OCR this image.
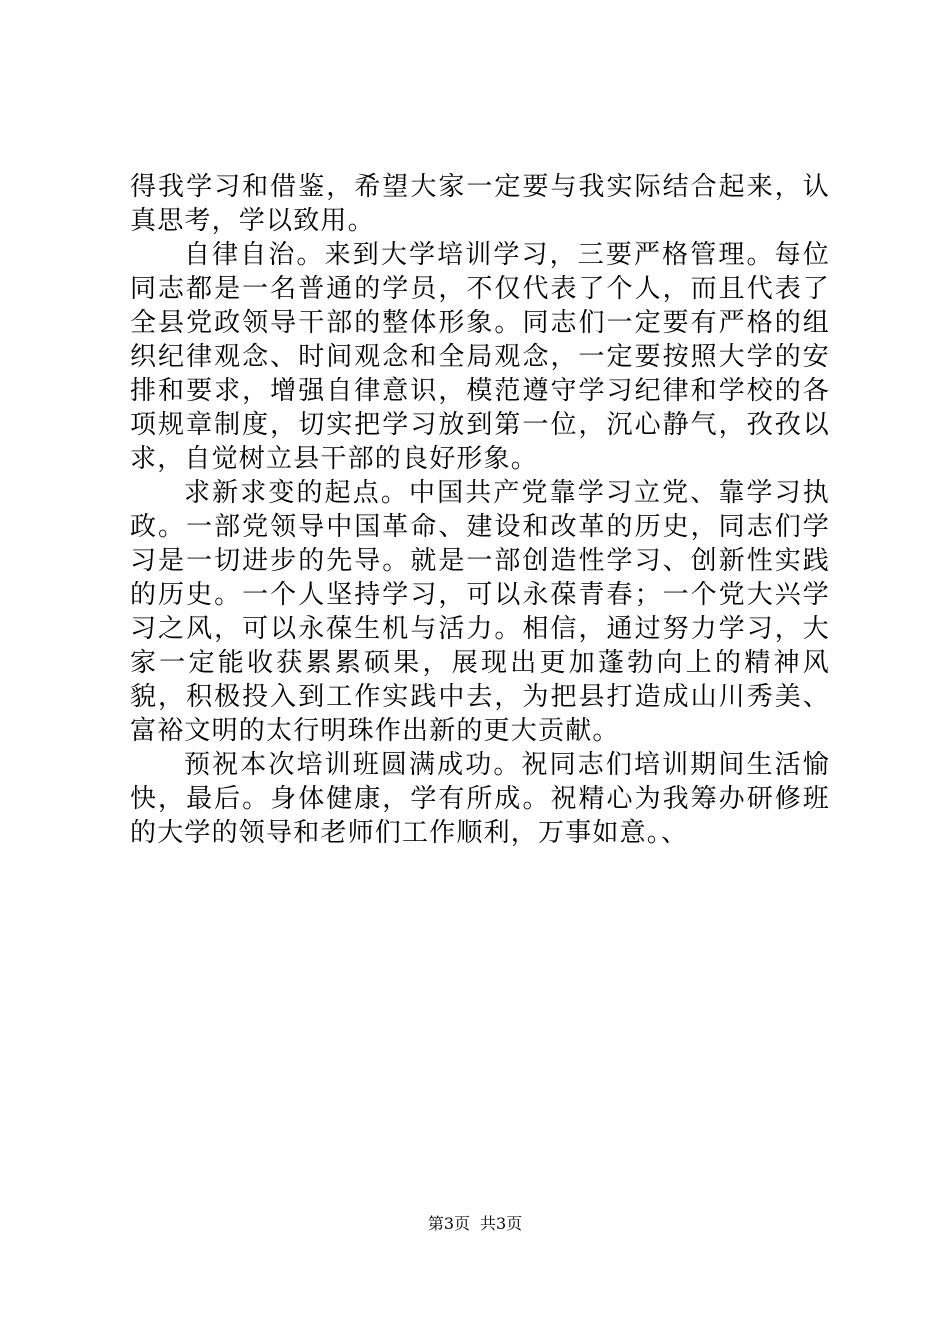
得我学习和借鉴，希望大家一定要与我实际结合起来，认真思考，学以致用。

自律自治。来到大学培训学习，三要严格管理。每位同志都是一名普通的学员，不仅代表了个人，而且代表了全县党政领导干部的整体形象。同志们一定要有严格的组织纪律观念、时间观念和全局观念，一定要按照大学的安排和要求，增强自律意识，模范遵守学习纪律和学校的各项规章制度，切实把学习放到第一位，沉心静气，孜孜以求，自觉树立县干部的良好形象。

求新求变的起点。中国共产党靠学习立党、靠学习执政。一部党领导中国革命、建设和改革的历史，同志们学习是一切进步的先导。就是一部创造性学习、创新性实践的历史。一个人坚持学习，可以永葆青春；一个党大兴学习之风，可以永葆生机与活力。相信，通过努力学习，大家一定能收获累累硕果，展现出更加蓬勃向上的精神风貌，积极投入到工作实践中去，为把县打造成山川秀美、富裕文明的太行明珠作出新的更大贡献。

预祝本次培训班圆满成功。祝同志们培训期间生活愉快，最后。身体健康，学有所成。祝精心为我筹办研修班的大学的领导和老师们工作顺利，万事如意。、

第3页 共3页
